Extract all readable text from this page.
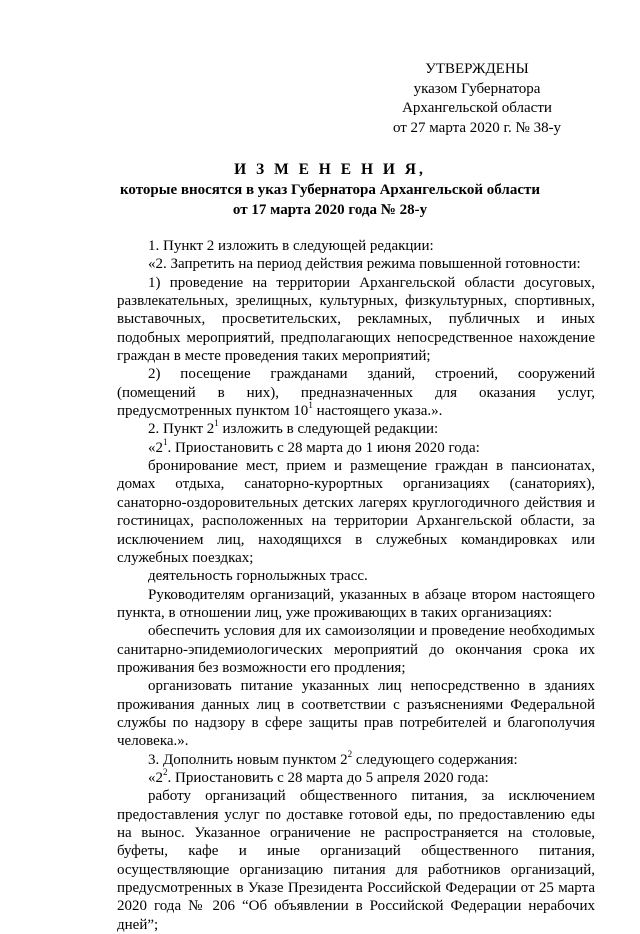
УТВЕРЖДЕНЫ
указом Губернатора
Архангельской области
от 27 марта 2020 г. № 38-у
И З М Е Н Е Н И Я,
которые вносятся в указ Губернатора Архангельской области
от 17 марта 2020 года № 28-у

1. Пункт 2 изложить в следующей редакции:

«2. Запретить на период действия режима повышенной готовности:

1) проведение на территории Архангельской области досуговых, развлекательных, зрелищных, культурных, физкультурных, спортивных, выставочных, просветительских, рекламных, публичных и иных подобных мероприятий, предполагающих непосредственное нахождение граждан в месте проведения таких мероприятий;

2) посещение гражданами зданий, строений, сооружений (помещений в них), предназначенных для оказания услуг, предусмотренных пунктом $10^1$ настоящего указа.».

2. Пункт $2^1$ изложить в следующей редакции:

«$2^1$. Приостановить с 28 марта до 1 июня 2020 года:

бронирование мест, прием и размещение граждан в пансионатах, домах отдыха, санаторно-курортных организациях (санаториях), санаторно-оздоровительных детских лагерях круглогодичного действия и гостиницах, расположенных на территории Архангельской области, за исключением лиц, находящихся в служебных командировках или служебных поездках;

деятельность горнолыжных трасс.

Руководителям организаций, указанных в абзаце втором настоящего пункта, в отношении лиц, уже проживающих в таких организациях:

обеспечить условия для их самоизоляции и проведение необходимых санитарно-эпидемиологических мероприятий до окончания срока их проживания без возможности его продления;

организовать питание указанных лиц непосредственно в зданиях проживания данных лиц в соответствии с разъяснениями Федеральной службы по надзору в сфере защиты прав потребителей и благополучия человека.».

3. Дополнить новым пунктом $2^2$ следующего содержания:

«$2^2$. Приостановить с 28 марта до 5 апреля 2020 года:

работу организаций общественного питания, за исключением предоставления услуг по доставке готовой еды, по предоставлению еды на вынос. Указанное ограничение не распространяется на столовые, буфеты, кафе и иные организаций общественного питания, осуществляющие организацию питания для работников организаций, предусмотренных в Указе Президента Российской Федерации от 25 марта 2020 года № 206 “Об объявлении в Российской Федерации нерабочих дней”;
